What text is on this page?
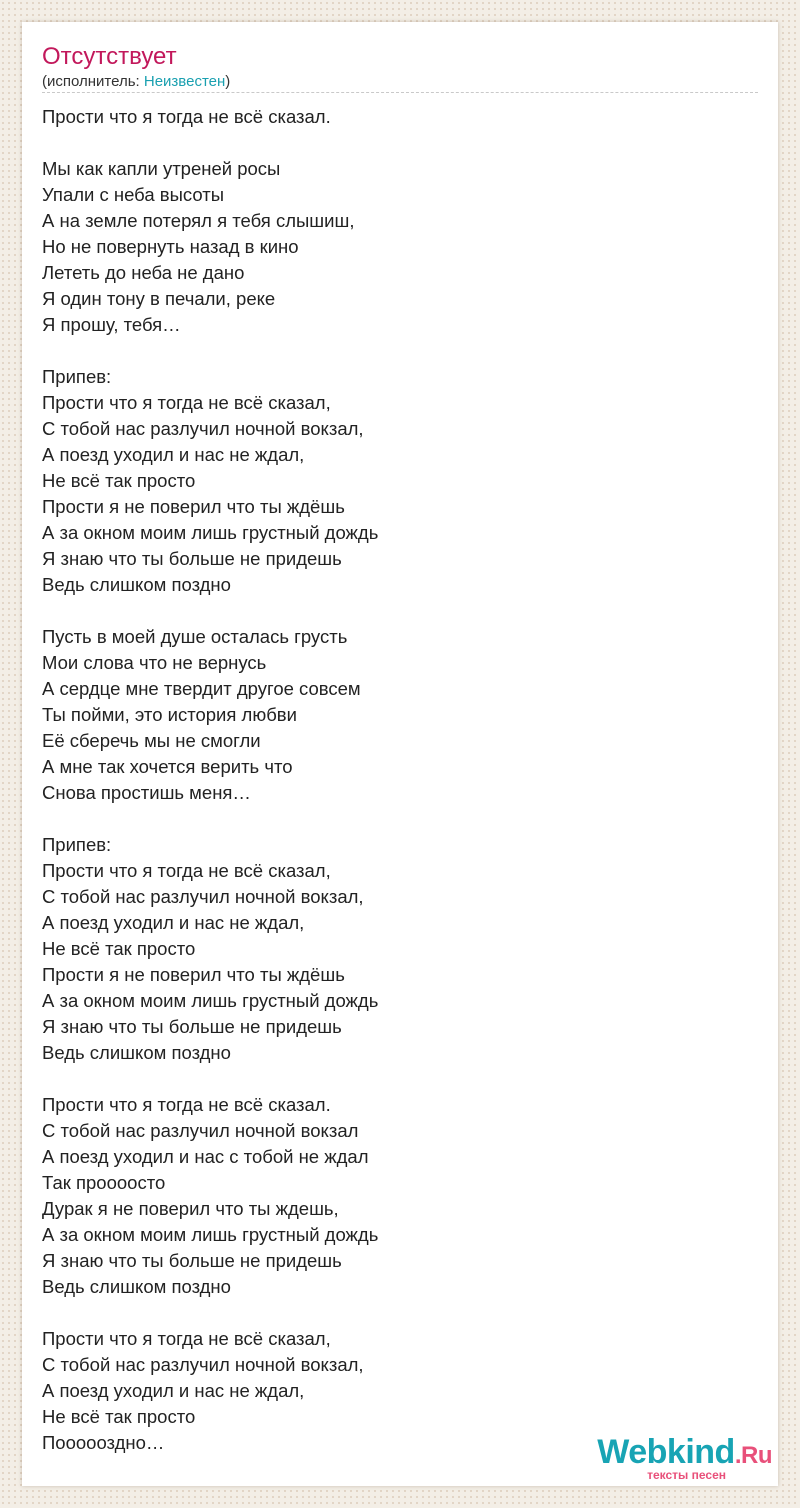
Отсутствует
(исполнитель: Неизвестен)
Прости что я тогда не всё сказал.
Мы как капли утреней росы
Упали с неба высоты
А на земле потерял я тебя слышиш,
Но не повернуть назад в кино
Лететь до неба не дано
Я один тону в печали, реке
Я прошу, тебя…
Припев:
Прости что я тогда не всё сказал,
С тобой нас разлучил ночной вокзал,
А поезд уходил и нас не ждал,
Не всё так просто
Прости я не поверил что ты ждёшь
А за окном моим лишь грустный дождь
Я знаю что ты больше не придешь
Ведь слишком поздно
Пусть в моей душе осталась грусть
Мои слова что не вернусь
А сердце мне твердит другое совсем
Ты пойми, это история любви
Её сберечь мы не смогли
А мне так хочется верить что
Снова простишь меня…
Припев:
Прости что я тогда не всё сказал,
С тобой нас разлучил ночной вокзал,
А поезд уходил и нас не ждал,
Не всё так просто
Прости я не поверил что ты ждёшь
А за окном моим лишь грустный дождь
Я знаю что ты больше не придешь
Ведь слишком поздно
Прости что я тогда не всё сказал.
С тобой нас разлучил ночной вокзал
А поезд уходил и нас с тобой не ждал
Так проооосто
Дурак я не поверил что ты ждешь,
А за окном моим лишь грустный дождь
Я знаю что ты больше не придешь
Ведь слишком поздно
Прости что я тогда не всё сказал,
С тобой нас разлучил ночной вокзал,
А поезд уходил и нас не ждал,
Не всё так просто
Поооооздно…	Webkind.Ru
тексты песен
